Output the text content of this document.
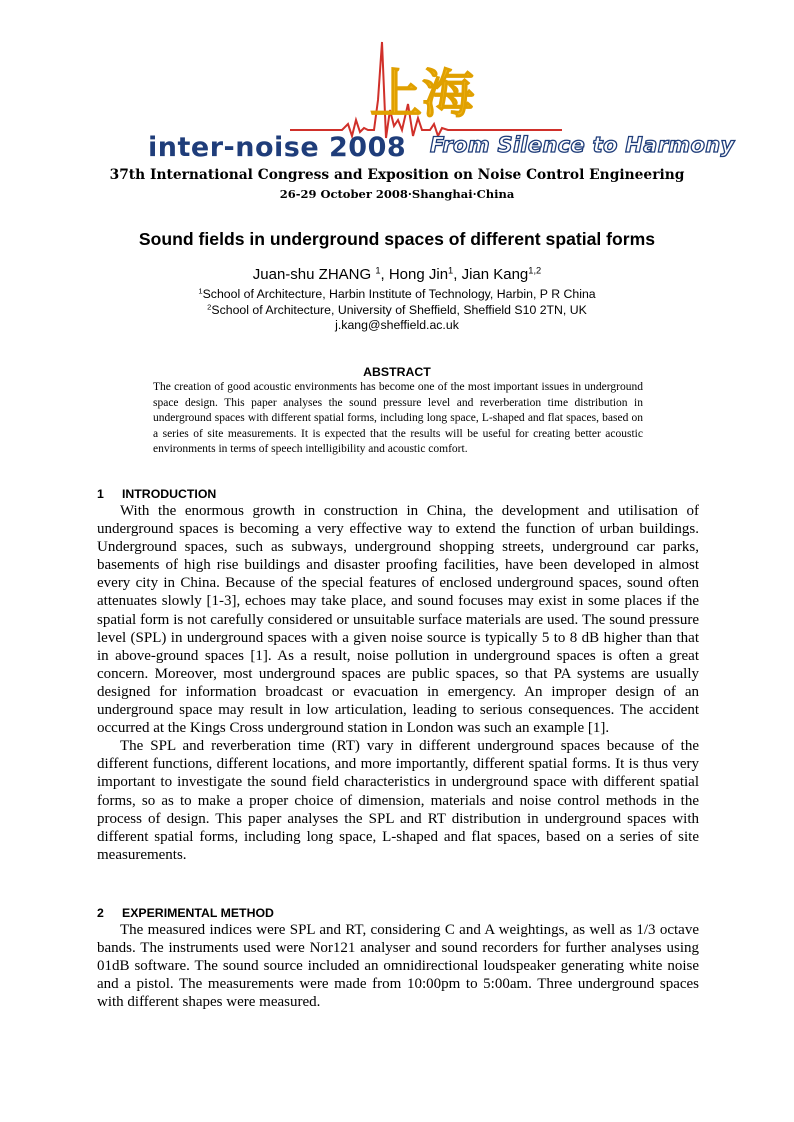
上海
inter-noise 2008 From Silence to Harmony
37th International Congress and Exposition on Noise Control Engineering
26-29 October 2008·Shanghai·China
Sound fields in underground spaces of different spatial forms
Juan-shu ZHANG $^1$, Hong Jin$^1$, Jian Kang$^{1,2}$
$^1$School of Architecture, Harbin Institute of Technology, Harbin, P R China
$^2$School of Architecture, University of Sheffield, Sheffield S10 2TN, UK
j.kang@sheffield.ac.uk
ABSTRACT
The creation of good acoustic environments has become one of the most important issues in underground space design. This paper analyses the sound pressure level and reverberation time distribution in underground spaces with different spatial forms, including long space, L-shaped and flat spaces, based on a series of site measurements. It is expected that the results will be useful for creating better acoustic environments in terms of speech intelligibility and acoustic comfort.
1 INTRODUCTION

With the enormous growth in construction in China, the development and utilisation of underground spaces is becoming a very effective way to extend the function of urban buildings. Underground spaces, such as subways, underground shopping streets, underground car parks, basements of high rise buildings and disaster proofing facilities, have been developed in almost every city in China. Because of the special features of enclosed underground spaces, sound often attenuates slowly [1-3], echoes may take place, and sound focuses may exist in some places if the spatial form is not carefully considered or unsuitable surface materials are used. The sound pressure level (SPL) in underground spaces with a given noise source is typically 5 to 8 dB higher than that in above-ground spaces [1]. As a result, noise pollution in underground spaces is often a great concern. Moreover, most underground spaces are public spaces, so that PA systems are usually designed for information broadcast or evacuation in emergency. An improper design of an underground space may result in low articulation, leading to serious consequences. The accident occurred at the Kings Cross underground station in London was such an example [1].

The SPL and reverberation time (RT) vary in different underground spaces because of the different functions, different locations, and more importantly, different spatial forms. It is thus very important to investigate the sound field characteristics in underground space with different spatial forms, so as to make a proper choice of dimension, materials and noise control methods in the process of design. This paper analyses the SPL and RT distribution in underground spaces with different spatial forms, including long space, L-shaped and flat spaces, based on a series of site measurements.

2 EXPERIMENTAL METHOD

The measured indices were SPL and RT, considering C and A weightings, as well as 1/3 octave bands. The instruments used were Nor121 analyser and sound recorders for further analyses using 01dB software. The sound source included an omnidirectional loudspeaker generating white noise and a pistol. The measurements were made from 10:00pm to 5:00am. Three underground spaces with different shapes were measured.
